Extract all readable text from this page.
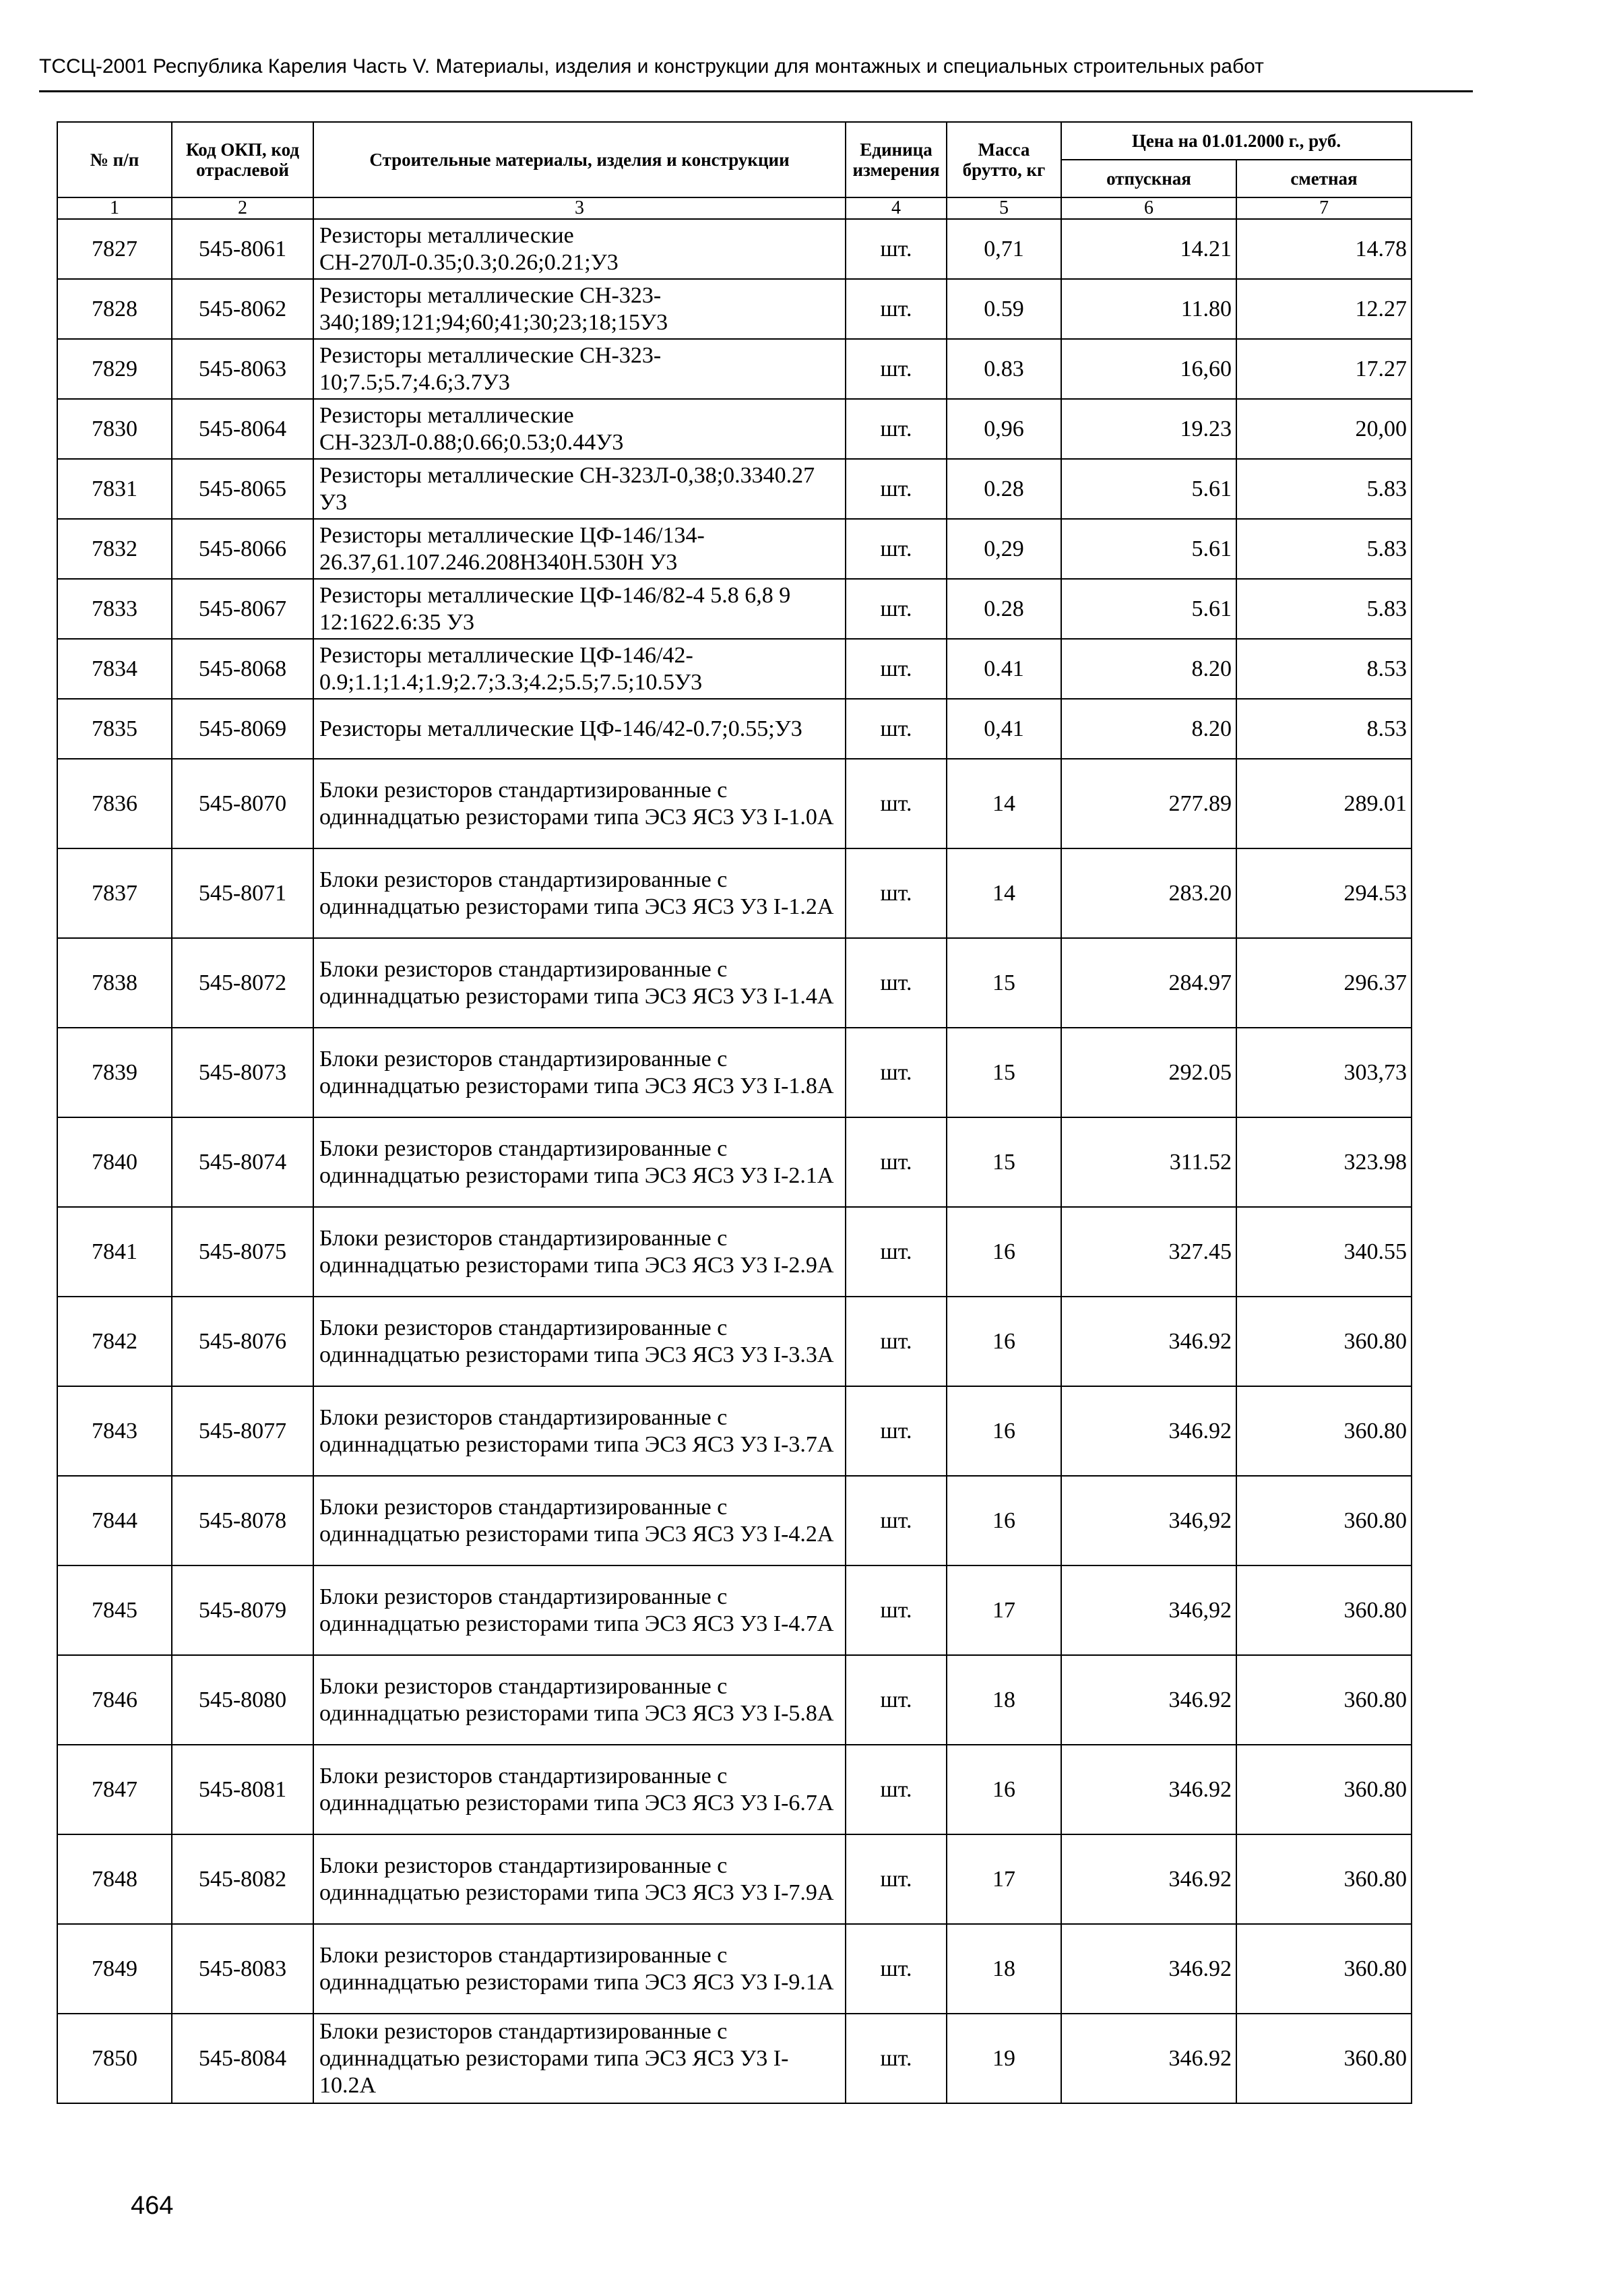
ТССЦ-2001 Республика Карелия Часть V. Материалы, изделия и конструкции для монтажных и специальных строительных работ
№ п/п	Код ОКП, код отраслевой	Строительные материалы, изделия и конструкции	Единица измерения	Масса брутто, кг	Цена на 01.01.2000 г., руб.	
					отпускная	сметная
1	2	3	4	5	6	7
7827	545-8061	Резисторы металлические СН-270Л-0.35;0.3;0.26;0.21;У3	шт.	0,71	14.21	14.78
7828	545-8062	Резисторы металлические СН-323-340;189;121;94;60;41;30;23;18;15У3	шт.	0.59	11.80	12.27
7829	545-8063	Резисторы металлические СН-323-10;7.5;5.7;4.6;3.7У3	шт.	0.83	16,60	17.27
7830	545-8064	Резисторы металлические СН-323Л-0.88;0.66;0.53;0.44У3	шт.	0,96	19.23	20,00
7831	545-8065	Резисторы металлические СН-323Л-0,38;0.3340.27 У3	шт.	0.28	5.61	5.83
7832	545-8066	Резисторы металлические ЦФ-146/134-26.37,61.107.246.208Н340Н.530Н У3	шт.	0,29	5.61	5.83
7833	545-8067	Резисторы металлические ЦФ-146/82-4 5.8 6,8 9 12:1622.6:35 У3	шт.	0.28	5.61	5.83
7834	545-8068	Резисторы металлические ЦФ-146/42-0.9;1.1;1.4;1.9;2.7;3.3;4.2;5.5;7.5;10.5У3	шт.	0.41	8.20	8.53
7835	545-8069	Резисторы металлические ЦФ-146/42-0.7;0.55;У3	шт.	0,41	8.20	8.53
7836	545-8070	Блоки резисторов стандартизированные с одиннадцатью резисторами типа ЭС3 ЯС3 У3 I-1.0А	шт.	14	277.89	289.01
7837	545-8071	Блоки резисторов стандартизированные с одиннадцатью резисторами типа ЭС3 ЯС3 У3 I-1.2А	шт.	14	283.20	294.53
7838	545-8072	Блоки резисторов стандартизированные с одиннадцатью резисторами типа ЭС3 ЯС3 У3 I-1.4А	шт.	15	284.97	296.37
7839	545-8073	Блоки резисторов стандартизированные с одиннадцатью резисторами типа ЭС3 ЯС3 У3 I-1.8А	шт.	15	292.05	303,73
7840	545-8074	Блоки резисторов стандартизированные с одиннадцатью резисторами типа ЭС3 ЯС3 У3 I-2.1А	шт.	15	311.52	323.98
7841	545-8075	Блоки резисторов стандартизированные с одиннадцатью резисторами типа ЭС3 ЯС3 У3 I-2.9А	шт.	16	327.45	340.55
7842	545-8076	Блоки резисторов стандартизированные с одиннадцатью резисторами типа ЭС3 ЯС3 У3 I-3.3А	шт.	16	346.92	360.80
7843	545-8077	Блоки резисторов стандартизированные с одиннадцатью резисторами типа ЭС3 ЯС3 У3 I-3.7А	шт.	16	346.92	360.80
7844	545-8078	Блоки резисторов стандартизированные с одиннадцатью резисторами типа ЭС3 ЯС3 У3 I-4.2А	шт.	16	346,92	360.80
7845	545-8079	Блоки резисторов стандартизированные с одиннадцатью резисторами типа ЭС3 ЯС3 У3 I-4.7А	шт.	17	346,92	360.80
7846	545-8080	Блоки резисторов стандартизированные с одиннадцатью резисторами типа ЭС3 ЯС3 У3 I-5.8А	шт.	18	346.92	360.80
7847	545-8081	Блоки резисторов стандартизированные с одиннадцатью резисторами типа ЭС3 ЯС3 У3 I-6.7А	шт.	16	346.92	360.80
7848	545-8082	Блоки резисторов стандартизированные с одиннадцатью резисторами типа ЭС3 ЯС3 У3 I-7.9А	шт.	17	346.92	360.80
7849	545-8083	Блоки резисторов стандартизированные с одиннадцатью резисторами типа ЭС3 ЯС3 У3 I-9.1А	шт.	18	346.92	360.80
7850	545-8084	Блоки резисторов стандартизированные с одиннадцатью резисторами типа ЭС3 ЯС3 У3 I-10.2А	шт.	19	346.92	360.80
464
